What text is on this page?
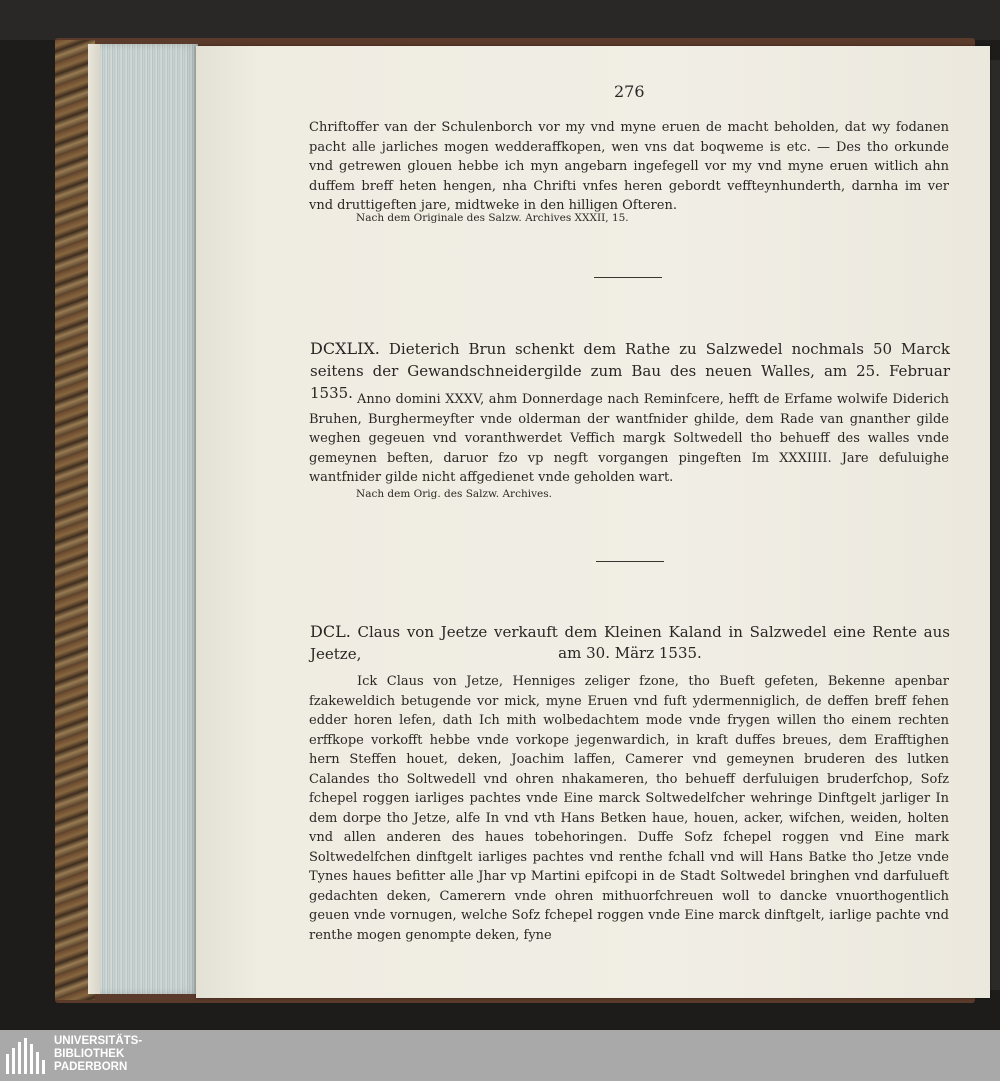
276
Chriftoffer van der Schulenborch vor my vnd myne eruen de macht beholden, dat wy fodanen pacht alle jarliches mogen wedderaffkopen, wen vns dat boqweme is etc. — Des tho orkunde vnd getrewen glouen hebbe ich myn angebarn ingefegell vor my vnd myne eruen witlich ahn duffem breff heten hengen, nha Chrifti vnfes heren gebordt veffteynhunderth, darnha im ver vnd druttigeften jare, midtweke in den hilligen Ofteren.
Nach dem Originale des Salzw. Archives XXXII, 15.
DCXLIX. Dieterich Brun schenkt dem Rathe zu Salzwedel nochmals 50 Marck seitens der Gewandschneidergilde zum Bau des neuen Walles, am 25. Februar 1535. Anno domini XXXV, ahm Donnerdage nach Reminfcere, hefft de Erfame wolwife Diderich Bruhen, Burghermeyfter vnde olderman der wantfnider ghilde, dem Rade van gnanther gilde weghen gegeuen vnd voranthwerdet Veffich margk Soltwedell tho behueff des walles vnde gemeynen beften, daruor fzo vp negft vorgangen pingeften Im XXXIIII. Jare defuluighe wantfnider gilde nicht affgedienet vnde geholden wart.
Nach dem Orig. des Salzw. Archives.
DCL. Claus von Jeetze verkauft dem Kleinen Kaland in Salzwedel eine Rente aus Jeetze,	am 30. März 1535.
Ick Claus von Jetze, Henniges zeliger fzone, tho Bueft gefeten, Bekenne apenbar fzakeweldich betugende vor mick, myne Eruen vnd fuft ydermenniglich, de deffen breff fehen edder horen lefen, dath Ich mith wolbedachtem mode vnde frygen willen tho einem rechten erffkope vorkofft hebbe vnde vorkope jegenwardich, in kraft duffes breues, dem Erafftighen hern Steffen houet, deken, Joachim laffen, Camerer vnd gemeynen bruderen des lutken Calandes tho Soltwedell vnd ohren nhakameren, tho behueff derfuluigen bruderfchop, Sofz fchepel roggen iarliges pachtes vnde Eine marck Soltwedelfcher wehringe Dinftgelt jarliger In dem dorpe tho Jetze, alfe In vnd vth Hans Betken haue, houen, acker, wifchen, weiden, holten vnd allen anderen des haues tobehoringen. Duffe Sofz fchepel roggen vnd Eine mark Soltwedelfchen dinftgelt iarliges pachtes vnd renthe fchall vnd will Hans Batke tho Jetze vnde Tynes haues befitter alle Jhar vp Martini epifcopi in de Stadt Soltwedel bringhen vnd darfulueft gedachten deken, Camerern vnde ohren mithuorfchreuen woll to dancke vnuorthogentlich geuen vnde vornugen, welche Sofz fchepel roggen vnde Eine marck dinftgelt, iarlige pachte vnd renthe mogen genompte deken, fyne
UNIVERSITÄTS-
BIBLIOTHEK
PADERBORN
